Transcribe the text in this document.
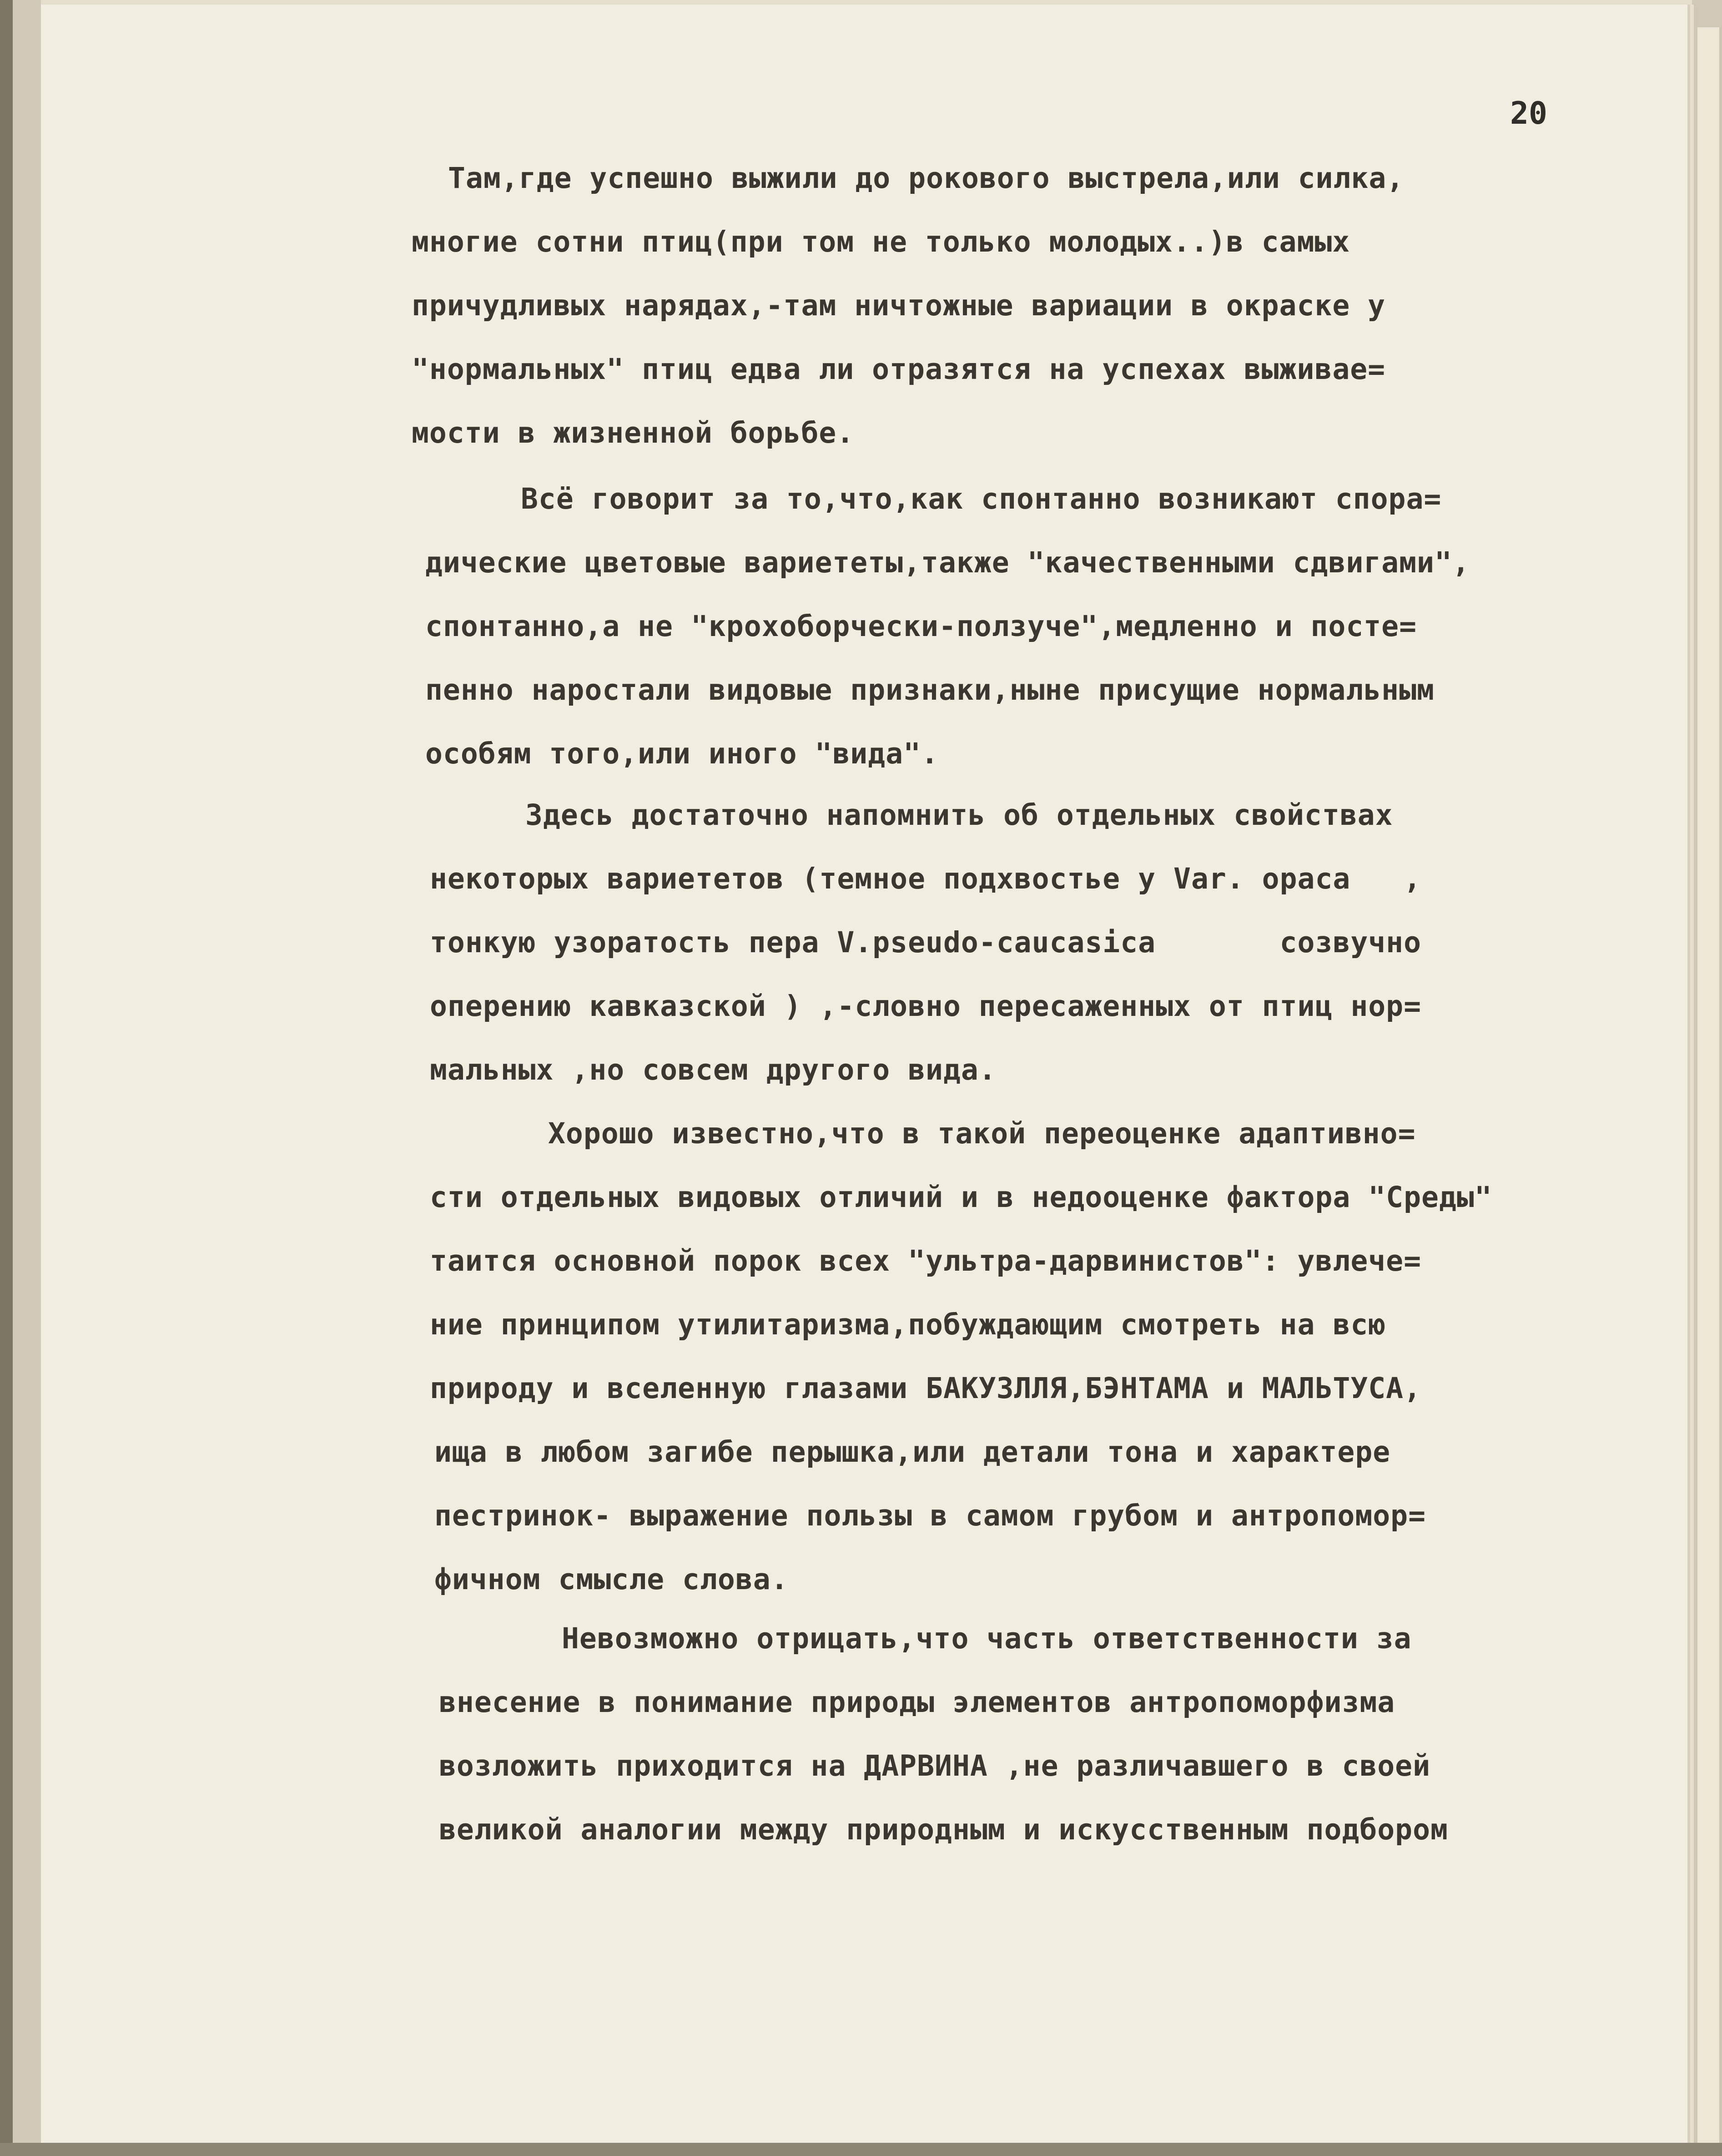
20
Там,где успешно выжили до рокового выстрела,или силка,
многие сотни птиц(при том не только молодых..)в самых
причудливых нарядах,-там ничтожные вариации в окраске у
"нормальных" птиц едва ли отразятся на успехах выживае=
мости в жизненной борьбе.
Всё говорит за то,что,как спонтанно возникают спора=
дические цветовые вариететы,также "качественными сдвигами",
спонтанно,а не "крохоборчески-ползуче",медленно и посте=
пенно наростали видовые признаки,ныне присущие нормальным
особям того,или иного "вида".
Здесь достаточно напомнить об отдельных свойствах
некоторых вариететов (темное подхвостье у Var. opaca   ,
тонкую узоратость пера V.pseudo-caucasica       созвучно
оперению кавказской ) ,-словно пересаженных от птиц нор=
мальных ,но совсем другого вида.
Хорошо известно,что в такой переоценке адаптивно=
сти отдельных видовых отличий и в недооценке фактора "Среды"
таится основной порок всех "ультра-дарвинистов": увлече=
ние принципом утилитаризма,побуждающим смотреть на всю
природу и вселенную глазами БАКУЗЛЛЯ,БЭНТАМА и МАЛЬТУСА,
ища в любом загибе перышка,или детали тона и характере
пестринок- выражение пользы в самом грубом и антропомор=
фичном смысле слова.
Невозможно отрицать,что часть ответственности за
внесение в понимание природы элементов антропоморфизма
возложить приходится на ДАРВИНА ,не различавшего в своей
великой аналогии между природным и искусственным подбором
